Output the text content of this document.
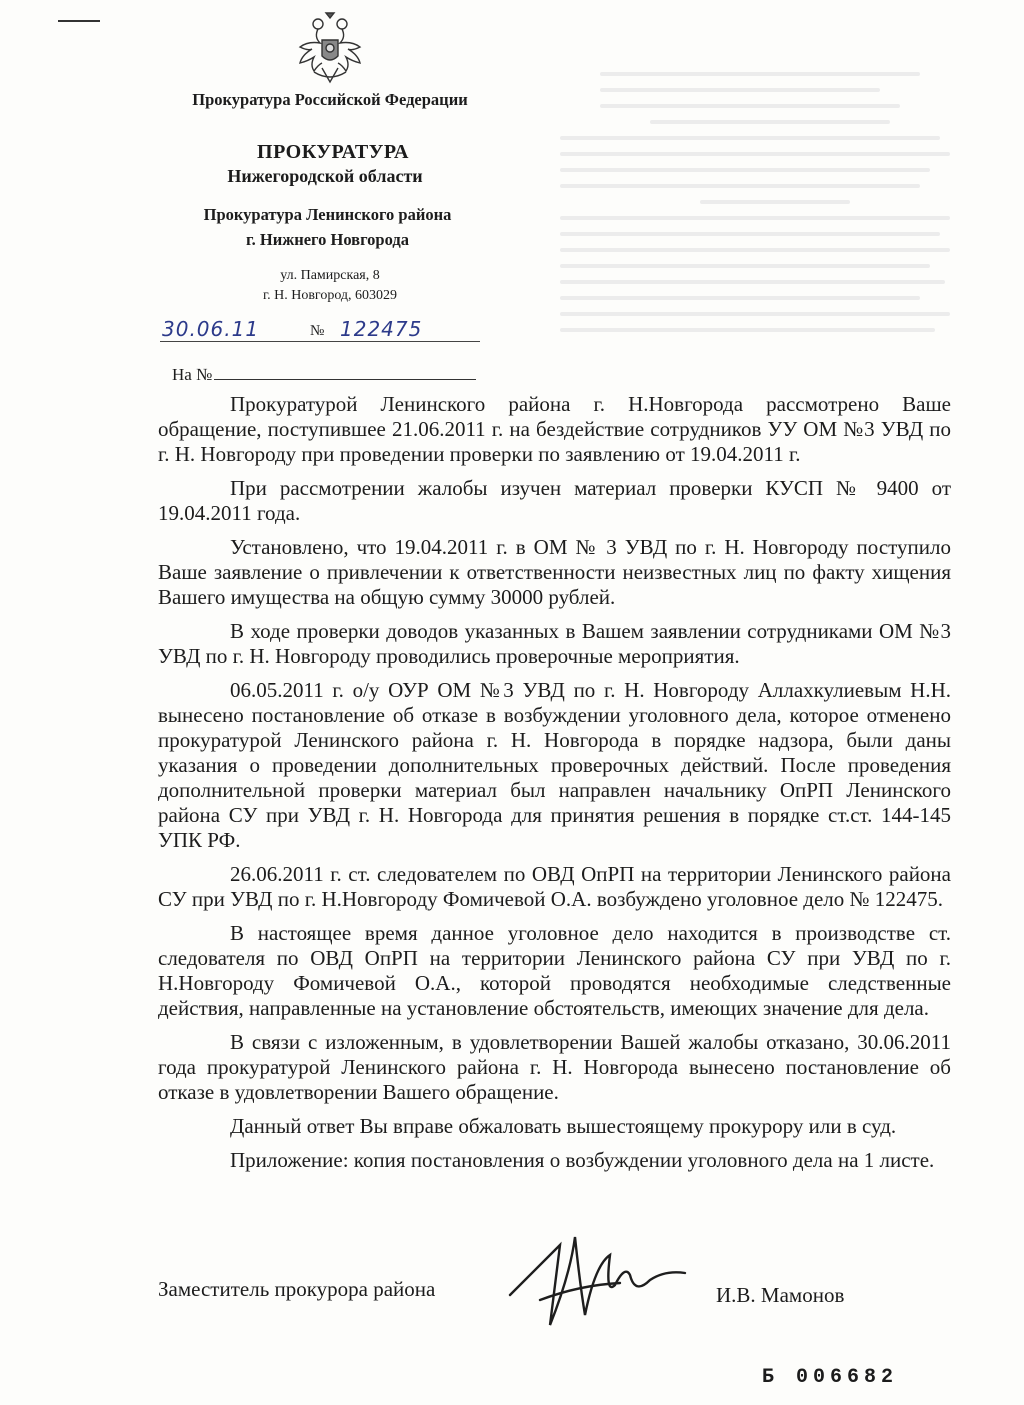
Прокуратура Российской Федерации
ПРОКУРАТУРА
Нижегородской области
Прокуратура Ленинского района
г. Нижнего Новгорода
ул. Памирская, 8
г. Н. Новгород, 603029
30.06.11	№ 122475
На №

Прокуратурой Ленинского района г. Н.Новгорода рассмотрено Ваше обращение, поступившее 21.06.2011 г. на бездействие сотрудников УУ ОМ №3 УВД по г. Н. Новгороду при проведении проверки по заявлению от 19.04.2011 г.

При рассмотрении жалобы изучен материал проверки КУСП № 9400 от 19.04.2011 года.

Установлено, что 19.04.2011 г. в ОМ № 3 УВД по г. Н. Новгороду поступило Ваше заявление о привлечении к ответственности неизвестных лиц по факту хищения Вашего имущества на общую сумму 30000 рублей.

В ходе проверки доводов указанных в Вашем заявлении сотрудниками ОМ №3 УВД по г. Н. Новгороду проводились проверочные мероприятия.

06.05.2011 г. о/у ОУР ОМ №3 УВД по г. Н. Новгороду Аллахкулиевым Н.Н. вынесено постановление об отказе в возбуждении уголовного дела, которое отменено прокуратурой Ленинского района г. Н. Новгорода в порядке надзора, были даны указания о проведении дополнительных проверочных действий. После проведения дополнительной проверки материал был направлен начальнику ОпРП Ленинского района СУ при УВД г. Н. Новгорода для принятия решения в порядке ст.ст. 144-145 УПК РФ.

26.06.2011 г. ст. следователем по ОВД ОпРП на территории Ленинского района СУ при УВД по г. Н.Новгороду Фомичевой О.А. возбуждено уголовное дело № 122475.

В настоящее время данное уголовное дело находится в производстве ст. следователя по ОВД ОпРП на территории Ленинского района СУ при УВД по г. Н.Новгороду Фомичевой О.А., которой проводятся необходимые следственные действия, направленные на установление обстоятельств, имеющих значение для дела.

В связи с изложенным, в удовлетворении Вашей жалобы отказано, 30.06.2011 года прокуратурой Ленинского района г. Н. Новгорода вынесено постановление об отказе в удовлетворении Вашего обращение.

Данный ответ Вы вправе обжаловать вышестоящему прокурору или в суд.

Приложение: копия постановления о возбуждении уголовного дела на 1 листе.

Заместитель прокурора района	И.В. Мамонов
Б 006682
